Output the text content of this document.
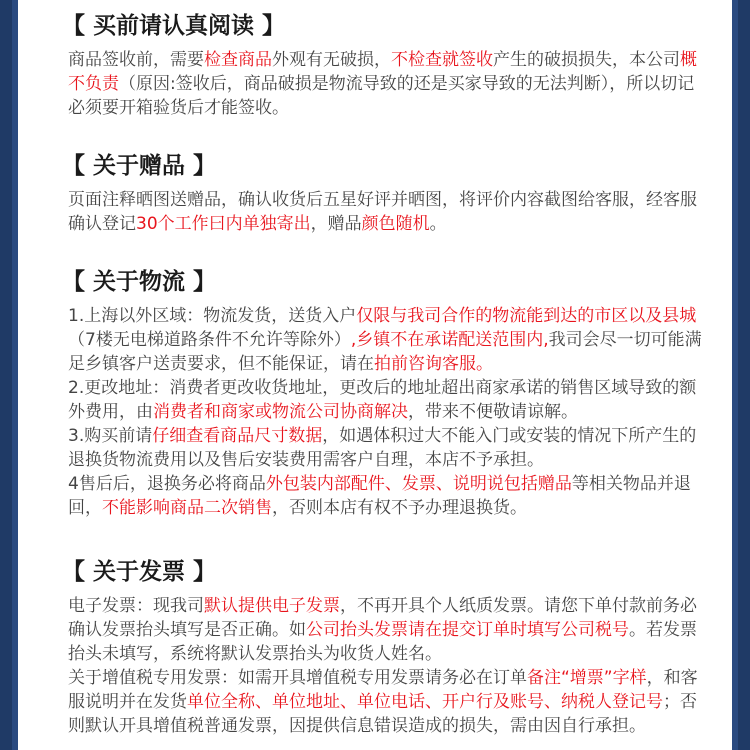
【 买前请认真阅读 】

商品签收前，需要检查商品外观有无破损，不检查就签收产生的破损损失，本公司概不负责（原因:签收后，商品破损是物流导致的还是买家导致的无法判断），所以切记必须要开箱验货后才能签收。

【 关于赠品 】

页面注释晒图送赠品，确认收货后五星好评并晒图，将评价内容截图给客服，经客服确认登记30个工作曰内单独寄出，赠品颜色随机。

【 关于物流 】

1.上海以外区域：物流发货，送货入户仅限与我司合作的物流能到达的市区以及县城（7楼无电梯道路条件不允许等除外）,乡镇不在承诺配送范围内,我司会尽一切可能满足乡镇客户送责要求，但不能保证，请在拍前咨询客服。
2.更改地址：消费者更改收货地址，更改后的地址超出商家承诺的销售区域导致的额外费用，由消费者和商家或物流公司协商解决，带来不便敬请谅解。
3.购买前请仔细查看商品尺寸数据，如遇体积过大不能入门或安装的情况下所产生的退换货物流费用以及售后安装费用需客户自理，本店不予承担。
4售后后，退换务必将商品外包装内部配件、发票、说明说包括赠品等相关物品并退回，不能影响商品二次销售，否则本店有权不予办理退换货。

【 关于发票 】

电子发票：现我司默认提供电子发票，不再开具个人纸质发票。请您下单付款前务必确认发票抬头填写是否正确。如公司抬头发票请在提交订单时填写公司税号。若发票抬头未填写，系统将默认发票抬头为收货人姓名。
关于增值税专用发票：如需开具增值税专用发票请务必在订单备注“增票”字样，和客服说明并在发货单位全称、单位地址、单位电话、开户行及账号、纳税人登记号；否则默认开具增值税普通发票，因提供信息错误造成的损失，需由因自行承担。
